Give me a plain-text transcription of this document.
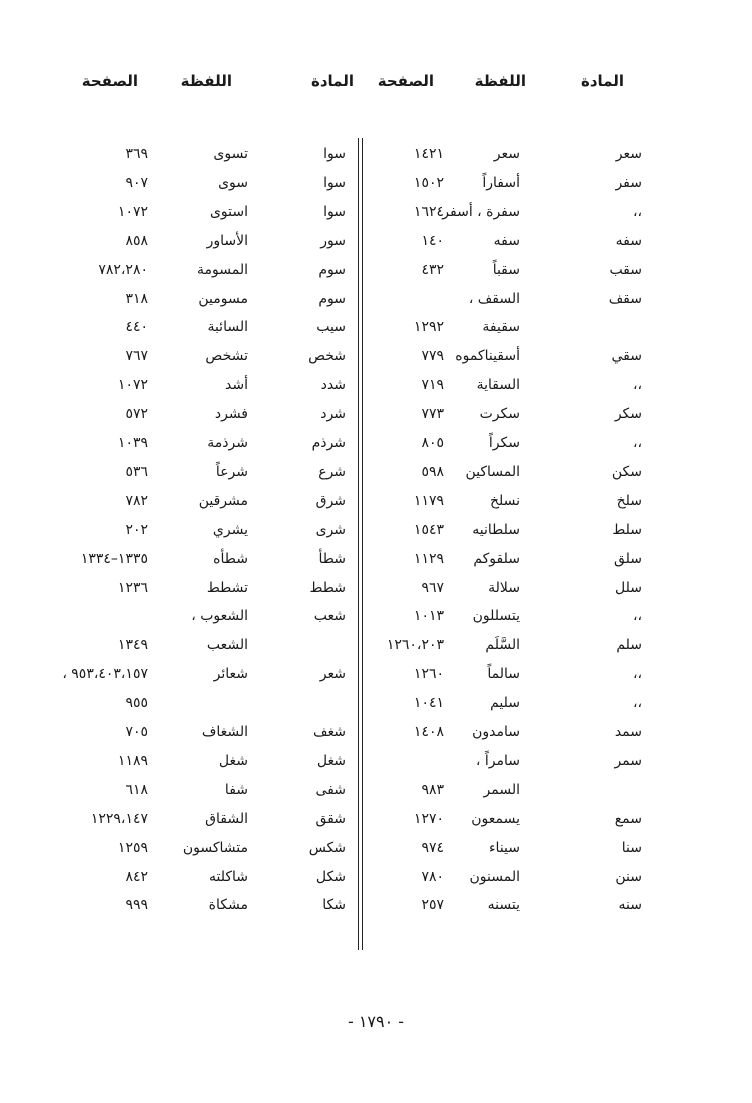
المادة
اللفظة
الصفحة
المادة
اللفظة
الصفحة
سعر
سعر
١٤٢١
سفر
أسفاراً
١٥٠٢
،،
سفرة ، أسفر
١٦٢٤
سفه
سفه
١٤٠
سقب
سقباً
٤٣٢
سقف
السقف ،
سقيفة
١٢٩٢
سقي
أسقيناكموه
٧٧٩
،،
السقاية
٧١٩
سكر
سكرت
٧٧٣
،،
سكراً
٨٠٥
سكن
المساكين
٥٩٨
سلخ
نسلخ
١١٧٩
سلط
سلطانيه
١٥٤٣
سلق
سلقوكم
١١٢٩
سلل
سلالة
٩٦٧
،،
يتسللون
١٠١٣
سلم
السَّلَم
١٢٦٠،٢٠٣
،،
سالماً
١٢٦٠
،،
سليم
١٠٤١
سمد
سامدون
١٤٠٨
سمر
سامراً ،
السمر
٩٨٣
سمع
يسمعون
١٢٧٠
سنا
سيناء
٩٧٤
سنن
المسنون
٧٨٠
سنه
يتسنه
٢٥٧
سوا
تسوى
٣٦٩
سوا
سوى
٩٠٧
سوا
استوى
١٠٧٢
سور
الأساور
٨٥٨
سوم
المسومة
٧٨٢،٢٨٠
سوم
مسومين
٣١٨
سيب
السائبة
٤٤٠
شخص
تشخص
٧٦٧
شدد
أشد
١٠٧٢
شرد
فشرد
٥٧٢
شرذم
شرذمة
١٠٣٩
شرع
شرعاً
٥٣٦
شرق
مشرقين
٧٨٢
شرى
يشري
٢٠٢
شطأ
شطأه
١٣٣٥–١٣٣٤
شطط
تشطط
١٢٣٦
شعب
الشعوب ،
الشعب
١٣٤٩
شعر
شعائر
٩٥٣،٤٠٣،١٥٧ ،
٩٥٥
شغف
الشغاف
٧٠٥
شغل
شغل
١١٨٩
شفى
شفا
٦١٨
شقق
الشقاق
١٢٢٩،١٤٧
شكس
متشاكسون
١٢٥٩
شكل
شاكلته
٨٤٢
شكا
مشكاة
٩٩٩
- ١٧٩٠ -
